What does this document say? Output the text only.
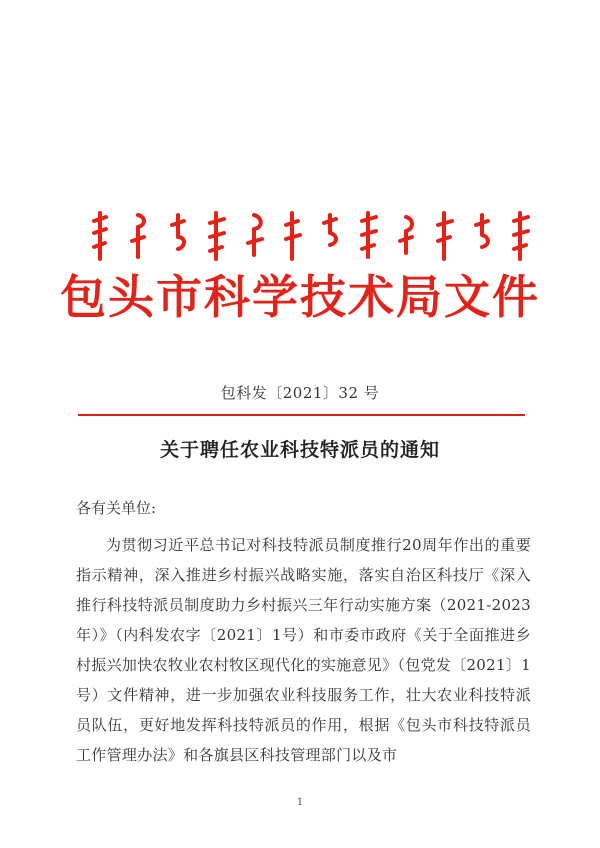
包头市科学技术局文件
包科发〔2021〕32 号
关于聘任农业科技特派员的通知
各有关单位:
为贯彻习近平总书记对科技特派员制度推行20周年作出的重要指示精神，深入推进乡村振兴战略实施，落实自治区科技厅《深入推行科技特派员制度助力乡村振兴三年行动实施方案（2021-2023年）》（内科发农字〔2021〕1号）和市委市政府《关于全面推进乡村振兴加快农牧业农村牧区现代化的实施意见》（包党发〔2021〕1号）文件精神，进一步加强农业科技服务工作，壮大农业科技特派员队伍，更好地发挥科技特派员的作用，根据《包头市科技特派员工作管理办法》和各旗县区科技管理部门以及市
1
